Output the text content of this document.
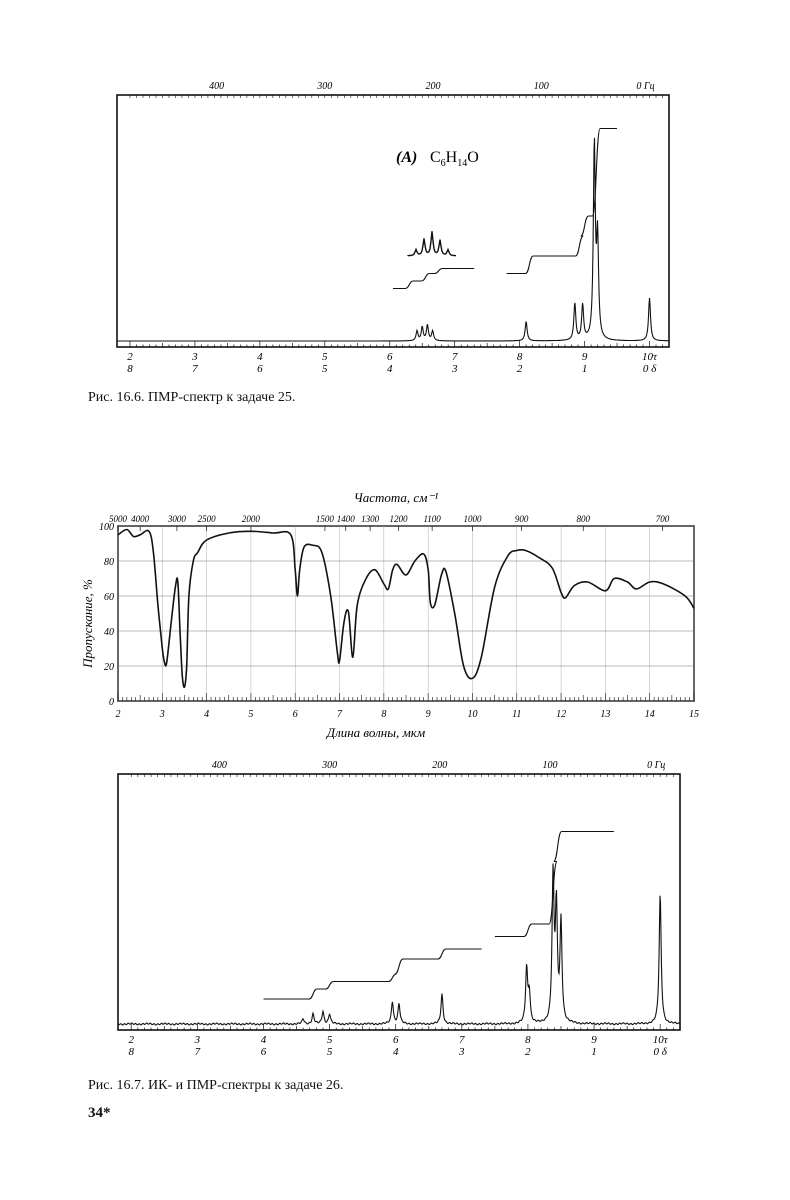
400	300	200	100	0 Гц
2
8
3
7
4
6
5
5
6
4
7
3
8
2
9
1
10τ
0 δ
0
20
40
60
80
100
2	3	4	5	6	7	8	9	10	11	12	13	14	15
5000 4000 3000 2500	2000	1500 1400 1300 1200 1100	1000	900	800	700
Частота, см⁻¹
Длина волны, мкм
Пропускание, %
400	300	200	100	0 Гц
2
8
3
7
4
6
5
5
6
4
7
3
8
2
9
1
10τ
0 δ
(A) $C_6H_{14}O$
Рис. 16.6. ПМР-спектр к задаче 25.
Рис. 16.7. ИК- и ПМР-спектры к задаче 26.
34*
